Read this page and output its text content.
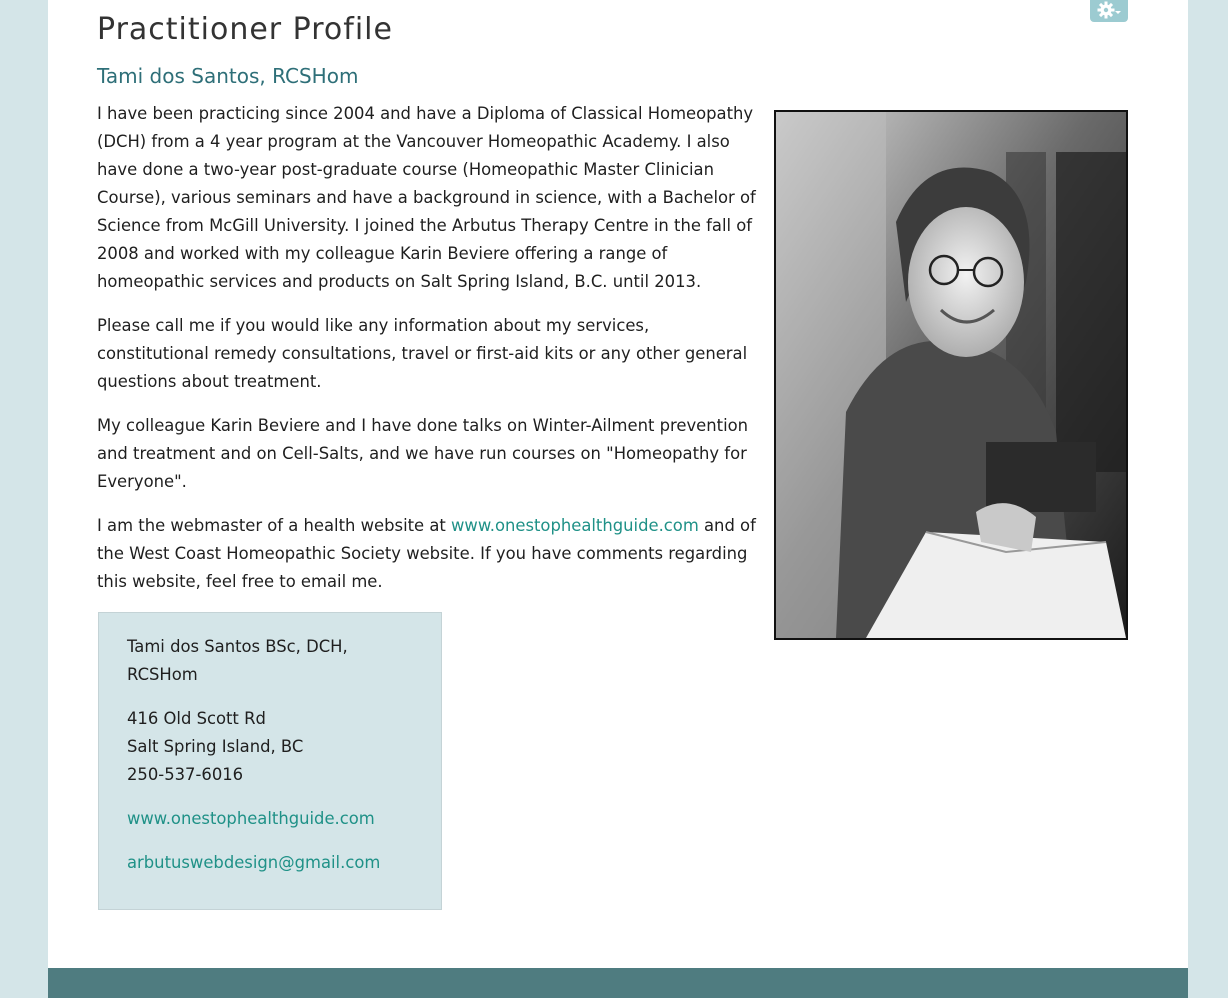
Practitioner Profile
Tami dos Santos, RCSHom

I have been practicing since 2004 and have a Diploma of Classical Homeopathy (DCH) from a 4 year program at the Vancouver Homeopathic Academy. I also have done a two-year post-graduate course (Homeopathic Master Clinician Course), various seminars and have a background in science, with a Bachelor of Science from McGill University. I joined the Arbutus Therapy Centre in the fall of 2008 and worked with my colleague Karin Beviere offering a range of homeopathic services and products on Salt Spring Island, B.C. until 2013.

Please call me if you would like any information about my services, constitutional remedy consultations, travel or first-aid kits or any other general questions about treatment.

My colleague Karin Beviere and I have done talks on Winter-Ailment prevention and treatment and on Cell-Salts, and we have run courses on "Homeopathy for Everyone".

I am the webmaster of a health website at www.onestophealthguide.com and of the West Coast Homeopathic Society website. If you have comments regarding this website, feel free to email me.

Tami dos Santos BSc, DCH,
RCSHom

416 Old Scott Rd
Salt Spring Island, BC
250-537-6016

www.onestophealthguide.com

arbutuswebdesign@gmail.com
